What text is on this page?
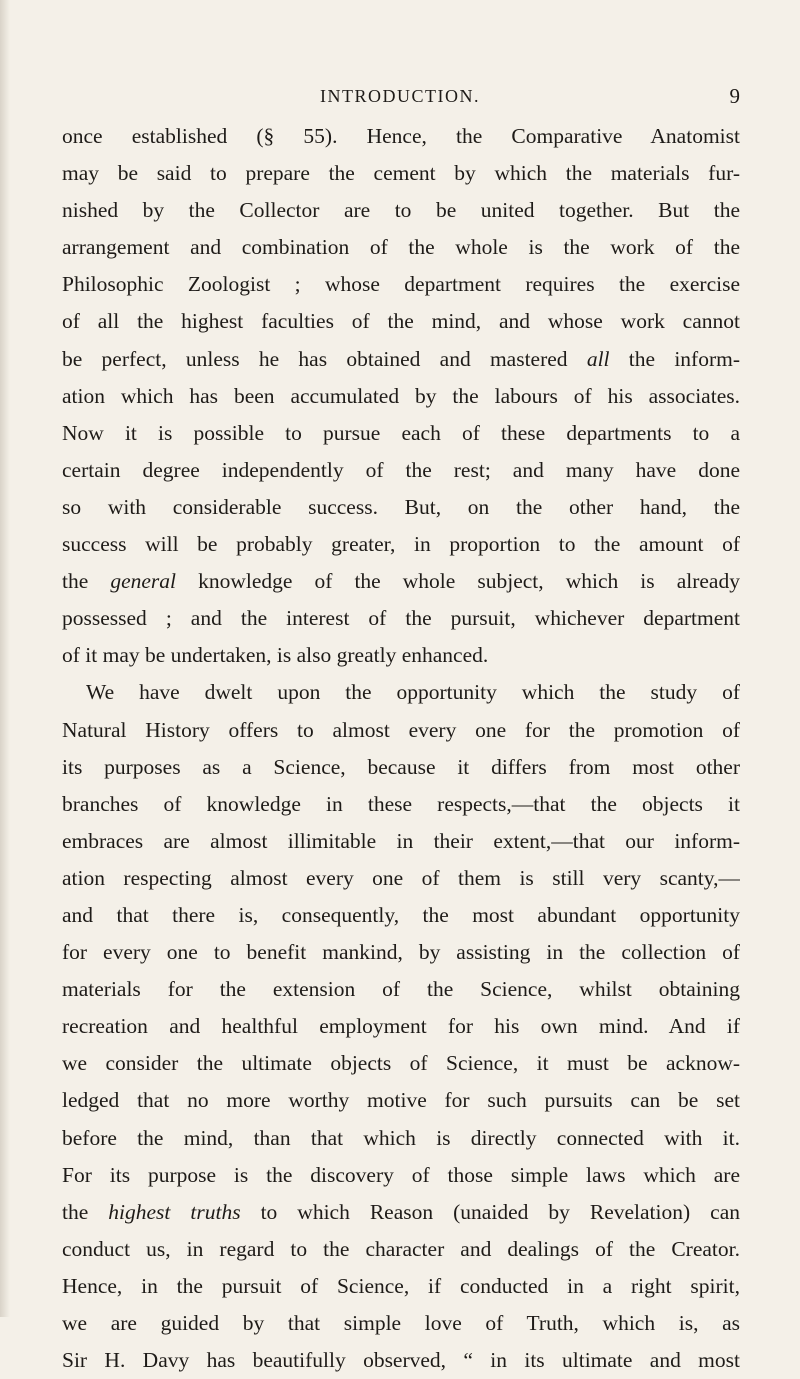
INTRODUCTION.	9
once established (§ 55). Hence, the Comparative Anatomist
may be said to prepare the cement by which the materials fur-
nished by the Collector are to be united together. But the
arrangement and combination of the whole is the work of the
Philosophic Zoologist ; whose department requires the exercise
of all the highest faculties of the mind, and whose work cannot
be perfect, unless he has obtained and mastered all the inform-
ation which has been accumulated by the labours of his associates.
Now it is possible to pursue each of these departments to a
certain degree independently of the rest; and many have done
so with considerable success. But, on the other hand, the
success will be probably greater, in proportion to the amount of
the general knowledge of the whole subject, which is already
possessed ; and the interest of the pursuit, whichever department
of it may be undertaken, is also greatly enhanced.
We have dwelt upon the opportunity which the study of
Natural History offers to almost every one for the promotion of
its purposes as a Science, because it differs from most other
branches of knowledge in these respects,—that the objects it
embraces are almost illimitable in their extent,—that our inform-
ation respecting almost every one of them is still very scanty,—
and that there is, consequently, the most abundant opportunity
for every one to benefit mankind, by assisting in the collection of
materials for the extension of the Science, whilst obtaining
recreation and healthful employment for his own mind. And if
we consider the ultimate objects of Science, it must be acknow-
ledged that no more worthy motive for such pursuits can be set
before the mind, than that which is directly connected with it.
For its purpose is the discovery of those simple laws which are
the highest truths to which Reason (unaided by Revelation) can
conduct us, in regard to the character and dealings of the Creator.
Hence, in the pursuit of Science, if conducted in a right spirit,
we are guided by that simple love of Truth, which is, as
Sir H. Davy has beautifully observed, “ in its ultimate and most
